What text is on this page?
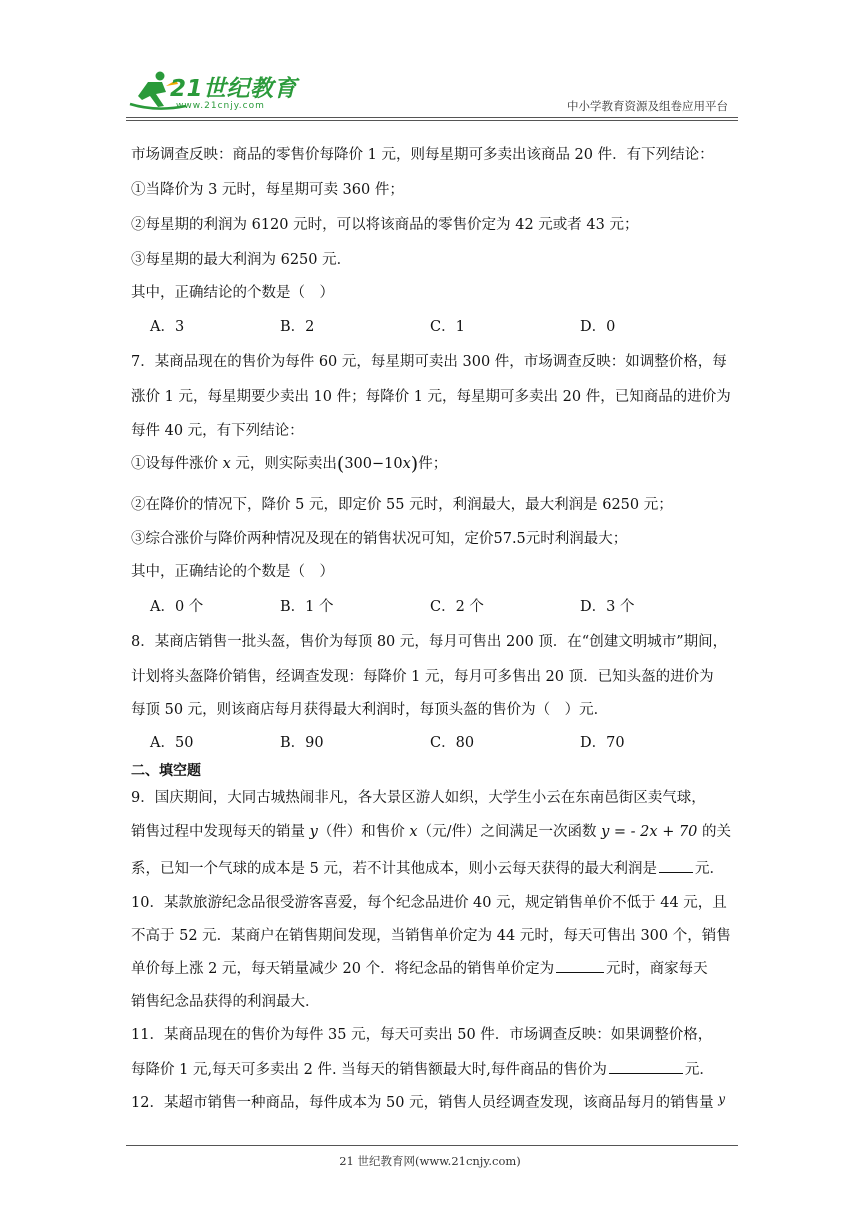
21世纪教育
www.21cnjy.com	中小学教育资源及组卷应用平台
市场调查反映：商品的零售价每降价 1 元，则每星期可多卖出该商品 20 件．有下列结论：
①当降价为 3 元时，每星期可卖 360 件；
②每星期的利润为 6120 元时，可以将该商品的零售价定为 42 元或者 43 元；
③每星期的最大利润为 6250 元．
其中，正确结论的个数是（　）
A．3	B．2	C．1	D．0
7．某商品现在的售价为每件 60 元，每星期可卖出 300 件，市场调查反映：如调整价格，每
涨价 1 元，每星期要少卖出 10 件；每降价 1 元，每星期可多卖出 20 件，已知商品的进价为
每件 40 元，有下列结论：
①设每件涨价 x 元，则实际卖出(300−10x)件；
②在降价的情况下，降价 5 元，即定价 55 元时，利润最大，最大利润是 6250 元；
③综合涨价与降价两种情况及现在的销售状况可知，定价57.5元时利润最大；
其中，正确结论的个数是（　）
A．0 个	B．1 个	C．2 个	D．3 个
8．某商店销售一批头盔，售价为每顶 80 元，每月可售出 200 顶．在“创建文明城市”期间，
计划将头盔降价销售，经调查发现：每降价 1 元，每月可多售出 20 顶．已知头盔的进价为
每顶 50 元，则该商店每月获得最大利润时，每顶头盔的售价为（　）元．
A．50	B．90	C．80	D．70
二、填空题
9．国庆期间，大同古城热闹非凡，各大景区游人如织，大学生小云在东南邑街区卖气球，
销售过程中发现每天的销量 y（件）和售价 x（元/件）之间满足一次函数 y = - 2x + 70 的关
系，已知一个气球的成本是 5 元，若不计其他成本，则小云每天获得的最大利润是	元．
10．某款旅游纪念品很受游客喜爱，每个纪念品进价 40 元，规定销售单价不低于 44 元，且
不高于 52 元．某商户在销售期间发现，当销售单价定为 44 元时，每天可售出 300 个，销售
单价每上涨 2 元，每天销量减少 20 个．将纪念品的销售单价定为	元时，商家每天
销售纪念品获得的利润最大．
11．某商品现在的售价为每件 35 元，每天可卖出 50 件．市场调查反映：如果调整价格，
每降价 1 元,每天可多卖出 2 件. 当每天的销售额最大时,每件商品的售价为	元．
12．某超市销售一种商品，每件成本为 50 元，销售人员经调查发现，该商品每月的销售量 $^y$
21 世纪教育网(www.21cnjy.com)
